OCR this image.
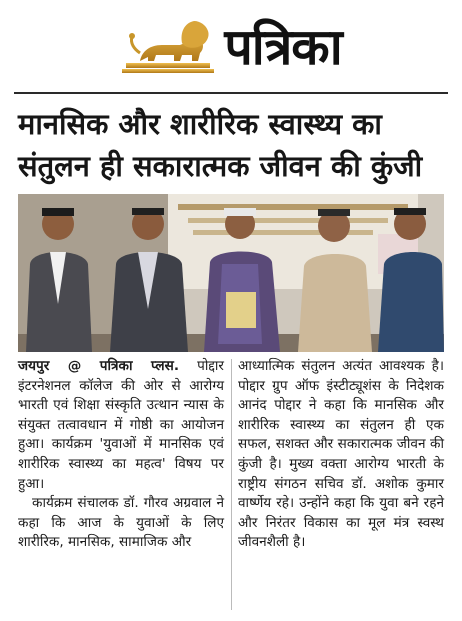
पत्रिका
मानसिक और शारीरिक स्वास्थ्य का
संतुलन ही सकारात्मक जीवन की कुंजी

जयपुर @ पत्रिका प्लस. पोद्दार इंटरनेशनल कॉलेज की ओर से आरोग्य भारती एवं शिक्षा संस्कृति उत्थान न्यास के संयुक्त तत्वावधान में गोष्ठी का आयोजन हुआ। कार्यक्रम 'युवाओं में मानसिक एवं शारीरिक स्वास्थ्य का महत्व' विषय पर हुआ।

कार्यक्रम संचालक डॉ. गौरव अग्रवाल ने कहा कि आज के युवाओं के लिए शारीरिक, मानसिक, सामाजिक और

आध्यात्मिक संतुलन अत्यंत आवश्यक है। पोद्दार ग्रुप ऑफ इंस्टीट्यूशंस के निदेशक आनंद पोद्दार ने कहा कि मानसिक और शारीरिक स्वास्थ्य का संतुलन ही एक सफल, सशक्त और सकारात्मक जीवन की कुंजी है। मुख्य वक्ता आरोग्य भारती के राष्ट्रीय संगठन सचिव डॉ. अशोक कुमार वार्ष्णेय रहे। उन्होंने कहा कि युवा बने रहने और निरंतर विकास का मूल मंत्र स्वस्थ जीवनशैली है।
